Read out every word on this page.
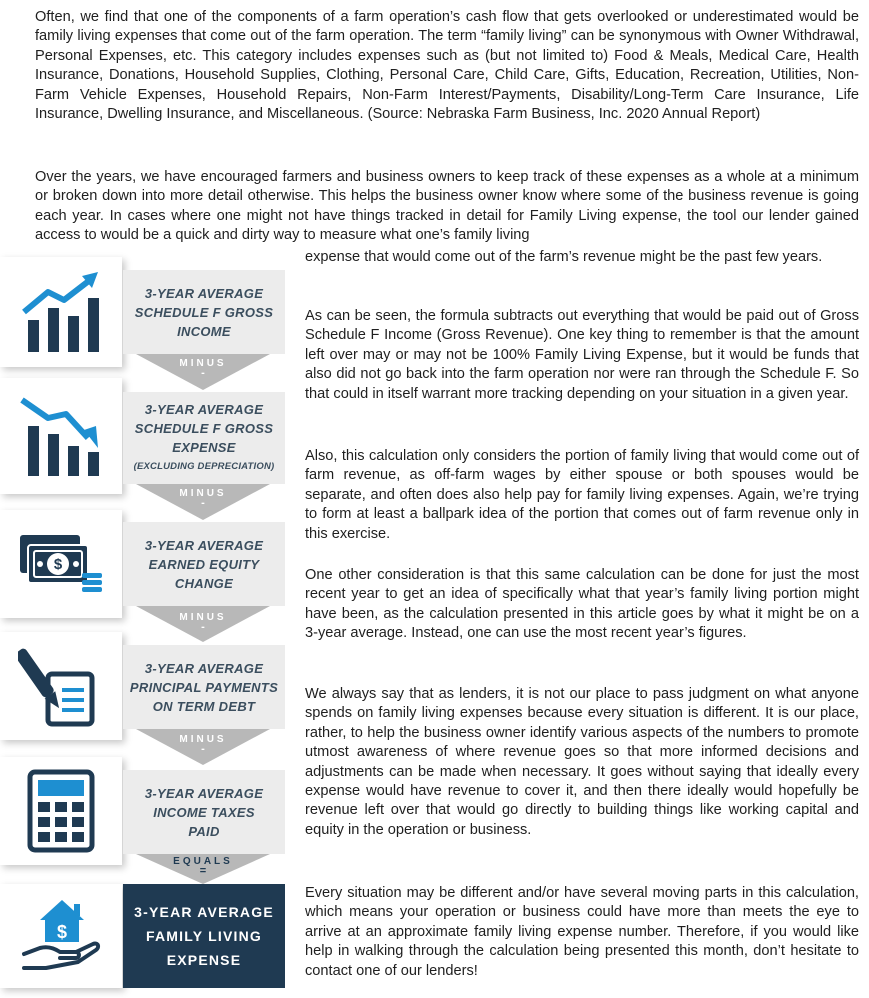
Often, we find that one of the components of a farm operation’s cash flow that gets overlooked or underestimated would be family living expenses that come out of the farm operation. The term “family living” can be synonymous with Owner Withdrawal, Personal Expenses, etc. This category includes expenses such as (but not limited to) Food & Meals, Medical Care, Health Insurance, Donations, Household Supplies, Clothing, Personal Care, Child Care, Gifts, Education, Recreation, Utilities, Non-Farm Vehicle Expenses, Household Repairs, Non-Farm Interest/Payments, Disability/Long-Term Care Insurance, Life Insurance, Dwelling Insurance, and Miscellaneous. (Source: Nebraska Farm Business, Inc. 2020 Annual Report)

Over the years, we have encouraged farmers and business owners to keep track of these expenses as a whole at a minimum or broken down into more detail otherwise. This helps the business owner know where some of the business revenue is going each year. In cases where one might not have things tracked in detail for Family Living expense, the tool our lender gained access to would be a quick and dirty way to measure what one’s family living

expense that would come out of the farm’s revenue might be the past few years.

As can be seen, the formula subtracts out everything that would be paid out of Gross Schedule F Income (Gross Revenue). One key thing to remember is that the amount left over may or may not be 100% Family Living Expense, but it would be funds that also did not go back into the farm operation nor were ran through the Schedule F. So that could in itself warrant more tracking depending on your situation in a given year.

Also, this calculation only considers the portion of family living that would come out of farm revenue, as off-farm wages by either spouse or both spouses would be separate, and often does also help pay for family living expenses. Again, we’re trying to form at least a ballpark idea of the portion that comes out of farm revenue only in this exercise.

One other consideration is that this same calculation can be done for just the most recent year to get an idea of specifically what that year’s family living portion might have been, as the calculation presented in this article goes by what it might be on a 3-year average. Instead, one can use the most recent year’s figures.

We always say that as lenders, it is not our place to pass judgment on what anyone spends on family living expenses because every situation is different. It is our place, rather, to help the business owner identify various aspects of the numbers to promote utmost awareness of where revenue goes so that more informed decisions and adjustments can be made when necessary. It goes without saying that ideally every expense would have revenue to cover it, and then there ideally would hopefully be revenue left over that would go directly to building things like working capital and equity in the operation or business.

Every situation may be different and/or have several moving parts in this calculation, which means your operation or business could have more than meets the eye to arrive at an approximate family living expense number. Therefore, if you would like help in walking through the calculation being presented this month, don’t hesitate to contact one of our lenders!

3-YEAR AVERAGE
SCHEDULE F GROSS
INCOME
MINUS
-
3-YEAR AVERAGE
SCHEDULE F GROSS
EXPENSE
(EXCLUDING DEPRECIATION)
MINUS
-
$
3-YEAR AVERAGE
EARNED EQUITY
CHANGE
MINUS
-
3-YEAR AVERAGE
PRINCIPAL PAYMENTS
ON TERM DEBT
MINUS
-
3-YEAR AVERAGE
INCOME TAXES
PAID
EQUALS
=
$
3-YEAR AVERAGE
FAMILY LIVING
EXPENSE
